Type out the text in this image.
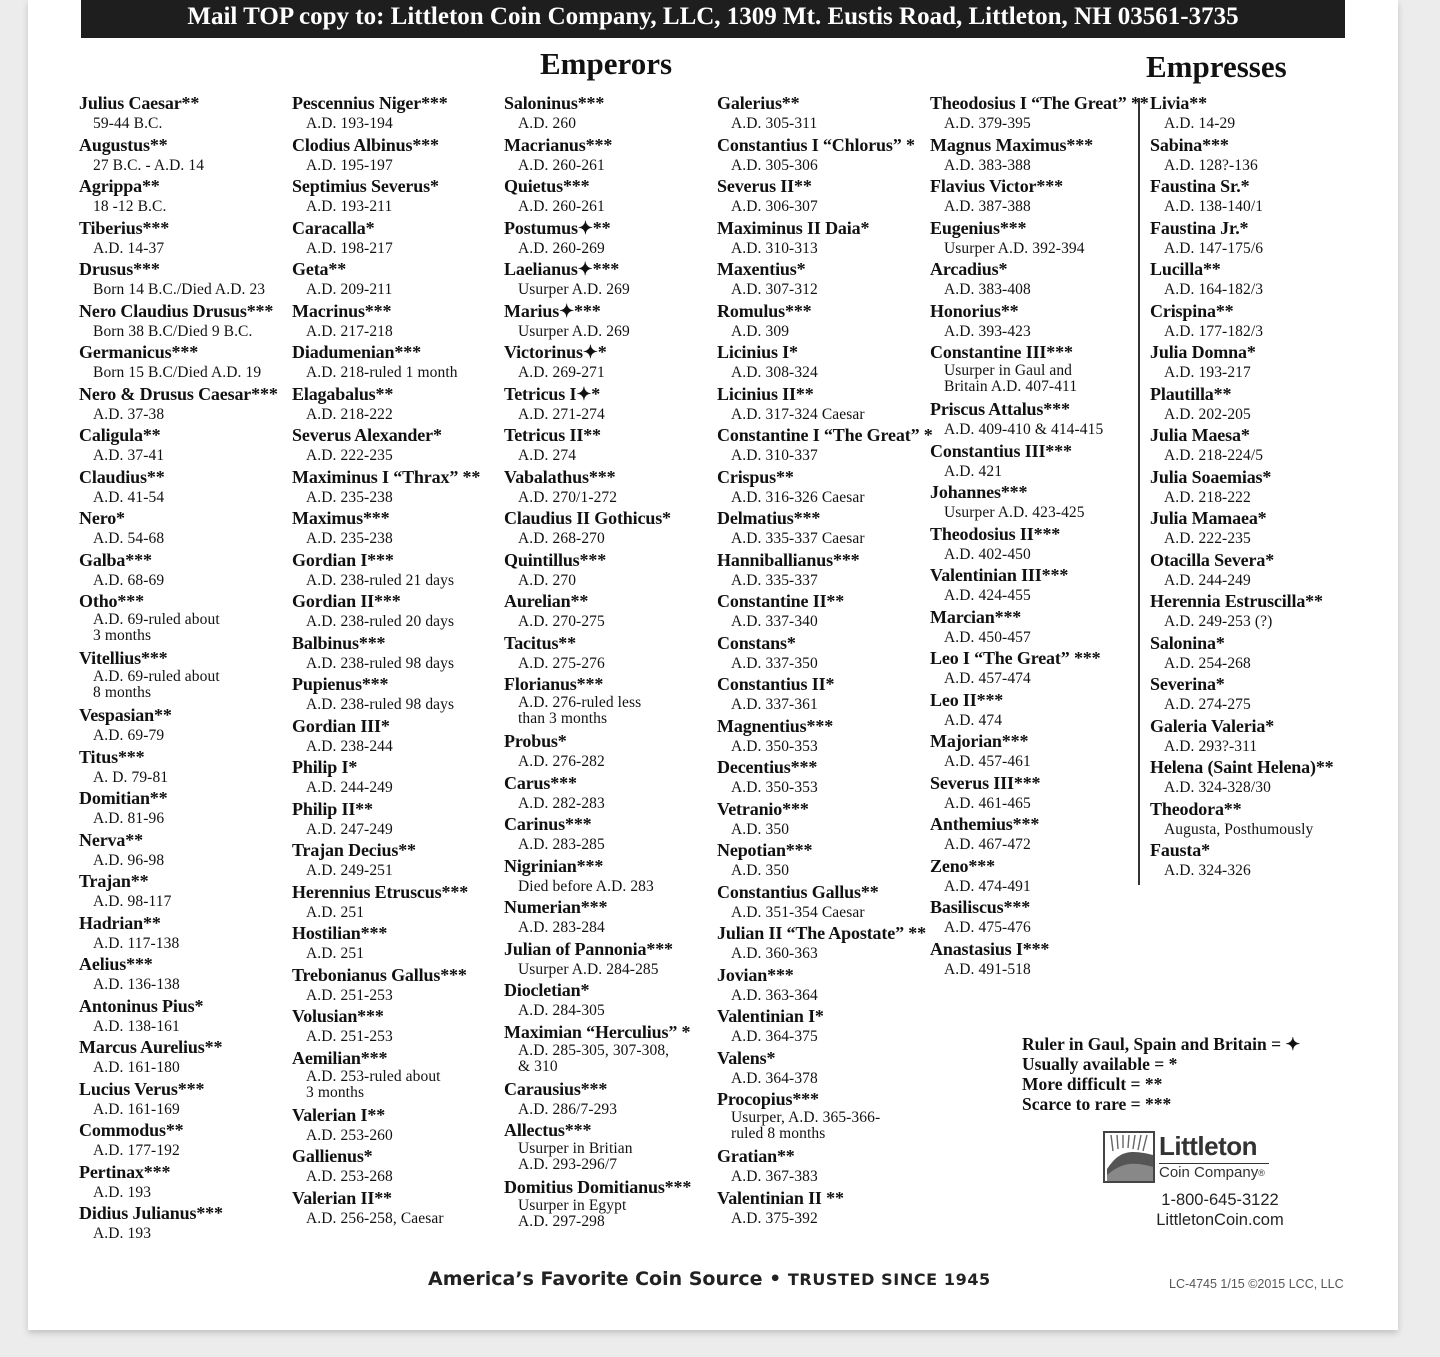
Mail TOP copy to: Littleton Coin Company, LLC, 1309 Mt. Eustis Road, Littleton, NH 03561-3735
Emperors	Empresses
Julius Caesar**
59-44 B.C.
Augustus**
27 B.C. - A.D. 14
Agrippa**
18 -12 B.C.
Tiberius***
A.D. 14-37
Drusus***
Born 14 B.C./Died A.D. 23
Nero Claudius Drusus***
Born 38 B.C/Died 9 B.C.
Germanicus***
Born 15 B.C/Died A.D. 19
Nero & Drusus Caesar***
A.D. 37-38
Caligula**
A.D. 37-41
Claudius**
A.D. 41-54
Nero*
A.D. 54-68
Galba***
A.D. 68-69
Otho***
A.D. 69-ruled about
3 months
Vitellius***
A.D. 69-ruled about
8 months
Vespasian**
A.D. 69-79
Titus***
A. D. 79-81
Domitian**
A.D. 81-96
Nerva**
A.D. 96-98
Trajan**
A.D. 98-117
Hadrian**
A.D. 117-138
Aelius***
A.D. 136-138
Antoninus Pius*
A.D. 138-161
Marcus Aurelius**
A.D. 161-180
Lucius Verus***
A.D. 161-169
Commodus**
A.D. 177-192
Pertinax***
A.D. 193
Didius Julianus***
A.D. 193
Pescennius Niger***
A.D. 193-194
Clodius Albinus***
A.D. 195-197
Septimius Severus*
A.D. 193-211
Caracalla*
A.D. 198-217
Geta**
A.D. 209-211
Macrinus***
A.D. 217-218
Diadumenian***
A.D. 218-ruled 1 month
Elagabalus**
A.D. 218-222
Severus Alexander*
A.D. 222-235
Maximinus I “Thrax” **
A.D. 235-238
Maximus***
A.D. 235-238
Gordian I***
A.D. 238-ruled 21 days
Gordian II***
A.D. 238-ruled 20 days
Balbinus***
A.D. 238-ruled 98 days
Pupienus***
A.D. 238-ruled 98 days
Gordian III*
A.D. 238-244
Philip I*
A.D. 244-249
Philip II**
A.D. 247-249
Trajan Decius**
A.D. 249-251
Herennius Etruscus***
A.D. 251
Hostilian***
A.D. 251
Trebonianus Gallus***
A.D. 251-253
Volusian***
A.D. 251-253
Aemilian***
A.D. 253-ruled about
3 months
Valerian I**
A.D. 253-260
Gallienus*
A.D. 253-268
Valerian II**
A.D. 256-258, Caesar
Saloninus***
A.D. 260
Macrianus***
A.D. 260-261
Quietus***
A.D. 260-261
Postumus✦**
A.D. 260-269
Laelianus✦***
Usurper A.D. 269
Marius✦***
Usurper A.D. 269
Victorinus✦*
A.D. 269-271
Tetricus I✦*
A.D. 271-274
Tetricus II**
A.D. 274
Vabalathus***
A.D. 270/1-272
Claudius II Gothicus*
A.D. 268-270
Quintillus***
A.D. 270
Aurelian**
A.D. 270-275
Tacitus**
A.D. 275-276
Florianus***
A.D. 276-ruled less
than 3 months
Probus*
A.D. 276-282
Carus***
A.D. 282-283
Carinus***
A.D. 283-285
Nigrinian***
Died before A.D. 283
Numerian***
A.D. 283-284
Julian of Pannonia***
Usurper A.D. 284-285
Diocletian*
A.D. 284-305
Maximian “Herculius” *
A.D. 285-305, 307-308,
& 310
Carausius***
A.D. 286/7-293
Allectus***
Usurper in Britian
A.D. 293-296/7
Domitius Domitianus***
Usurper in Egypt
A.D. 297-298
Galerius**
A.D. 305-311
Constantius I “Chlorus” *
A.D. 305-306
Severus II**
A.D. 306-307
Maximinus II Daia*
A.D. 310-313
Maxentius*
A.D. 307-312
Romulus***
A.D. 309
Licinius I*
A.D. 308-324
Licinius II**
A.D. 317-324 Caesar
Constantine I “The Great” *
A.D. 310-337
Crispus**
A.D. 316-326 Caesar
Delmatius***
A.D. 335-337 Caesar
Hanniballianus***
A.D. 335-337
Constantine II**
A.D. 337-340
Constans*
A.D. 337-350
Constantius II*
A.D. 337-361
Magnentius***
A.D. 350-353
Decentius***
A.D. 350-353
Vetranio***
A.D. 350
Nepotian***
A.D. 350
Constantius Gallus**
A.D. 351-354 Caesar
Julian II “The Apostate” **
A.D. 360-363
Jovian***
A.D. 363-364
Valentinian I*
A.D. 364-375
Valens*
A.D. 364-378
Procopius***
Usurper, A.D. 365-366-
ruled 8 months
Gratian**
A.D. 367-383
Valentinian II **
A.D. 375-392
Theodosius I “The Great” **
A.D. 379-395
Magnus Maximus***
A.D. 383-388
Flavius Victor***
A.D. 387-388
Eugenius***
Usurper A.D. 392-394
Arcadius*
A.D. 383-408
Honorius**
A.D. 393-423
Constantine III***
Usurper in Gaul and
Britain A.D. 407-411
Priscus Attalus***
A.D. 409-410 & 414-415
Constantius III***
A.D. 421
Johannes***
Usurper A.D. 423-425
Theodosius II***
A.D. 402-450
Valentinian III***
A.D. 424-455
Marcian***
A.D. 450-457
Leo I “The Great” ***
A.D. 457-474
Leo II***
A.D. 474
Majorian***
A.D. 457-461
Severus III***
A.D. 461-465
Anthemius***
A.D. 467-472
Zeno***
A.D. 474-491
Basiliscus***
A.D. 475-476
Anastasius I***
A.D. 491-518
Livia**
A.D. 14-29
Sabina***
A.D. 128?-136
Faustina Sr.*
A.D. 138-140/1
Faustina Jr.*
A.D. 147-175/6
Lucilla**
A.D. 164-182/3
Crispina**
A.D. 177-182/3
Julia Domna*
A.D. 193-217
Plautilla**
A.D. 202-205
Julia Maesa*
A.D. 218-224/5
Julia Soaemias*
A.D. 218-222
Julia Mamaea*
A.D. 222-235
Otacilla Severa*
A.D. 244-249
Herennia Estruscilla**
A.D. 249-253 (?)
Salonina*
A.D. 254-268
Severina*
A.D. 274-275
Galeria Valeria*
A.D. 293?-311
Helena (Saint Helena)**
A.D. 324-328/30
Theodora**
Augusta, Posthumously
Fausta*
A.D. 324-326
Ruler in Gaul, Spain and Britain = ✦
Usually available = *
More difficult = **
Scarce to rare = ***
Littleton
Coin Company®
1-800-645-3122
LittletonCoin.com
America’s Favorite Coin Source • TRUSTED SINCE 1945	LC-4745 1/15 ©2015 LCC, LLC
